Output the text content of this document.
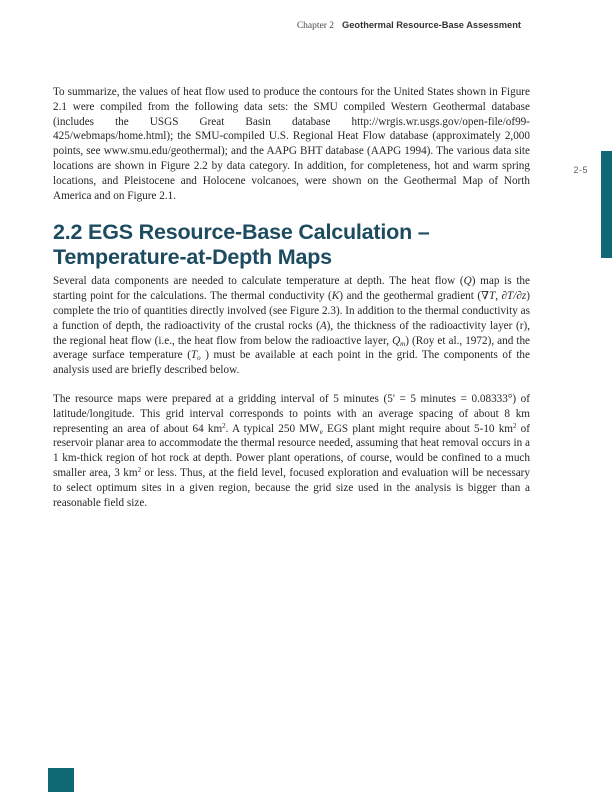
Chapter 2 Geothermal Resource-Base Assessment
2-5

To summarize, the values of heat flow used to produce the contours for the United States shown in Figure 2.1 were compiled from the following data sets: the SMU compiled Western Geothermal database (includes the USGS Great Basin database http://wrgis.wr.usgs.gov/open-file/of99-425/webmaps/home.html); the SMU-compiled U.S. Regional Heat Flow database (approximately 2,000 points, see www.smu.edu/geothermal); and the AAPG BHT database (AAPG 1994). The various data site locations are shown in Figure 2.2 by data category. In addition, for completeness, hot and warm spring locations, and Pleistocene and Holocene volcanoes, were shown on the Geothermal Map of North America and on Figure 2.1.

2.2 EGS Resource-Base Calculation –
Temperature-at-Depth Maps

Several data components are needed to calculate temperature at depth. The heat flow (Q) map is the starting point for the calculations. The thermal conductivity (K) and the geothermal gradient (∇T, ∂T/∂z) complete the trio of quantities directly involved (see Figure 2.3). In addition to the thermal conductivity as a function of depth, the radioactivity of the crustal rocks (A), the thickness of the radioactivity layer (r), the regional heat flow (i.e., the heat flow from below the radioactive layer, $Q_m$) (Roy et al., 1972), and the average surface temperature ($T_o$ ) must be available at each point in the grid. The components of the analysis used are briefly described below.

The resource maps were prepared at a gridding interval of 5 minutes (5' = 5 minutes = 0.08333°) of latitude/longitude. This grid interval corresponds to points with an average spacing of about 8 km representing an area of about 64 $km^2$. A typical 250 $MW_e$ EGS plant might require about 5-10 $km^2$ of reservoir planar area to accommodate the thermal resource needed, assuming that heat removal occurs in a 1 km-thick region of hot rock at depth. Power plant operations, of course, would be confined to a much smaller area, 3 $km^2$ or less. Thus, at the field level, focused exploration and evaluation will be necessary to select optimum sites in a given region, because the grid size used in the analysis is bigger than a reasonable field size.
